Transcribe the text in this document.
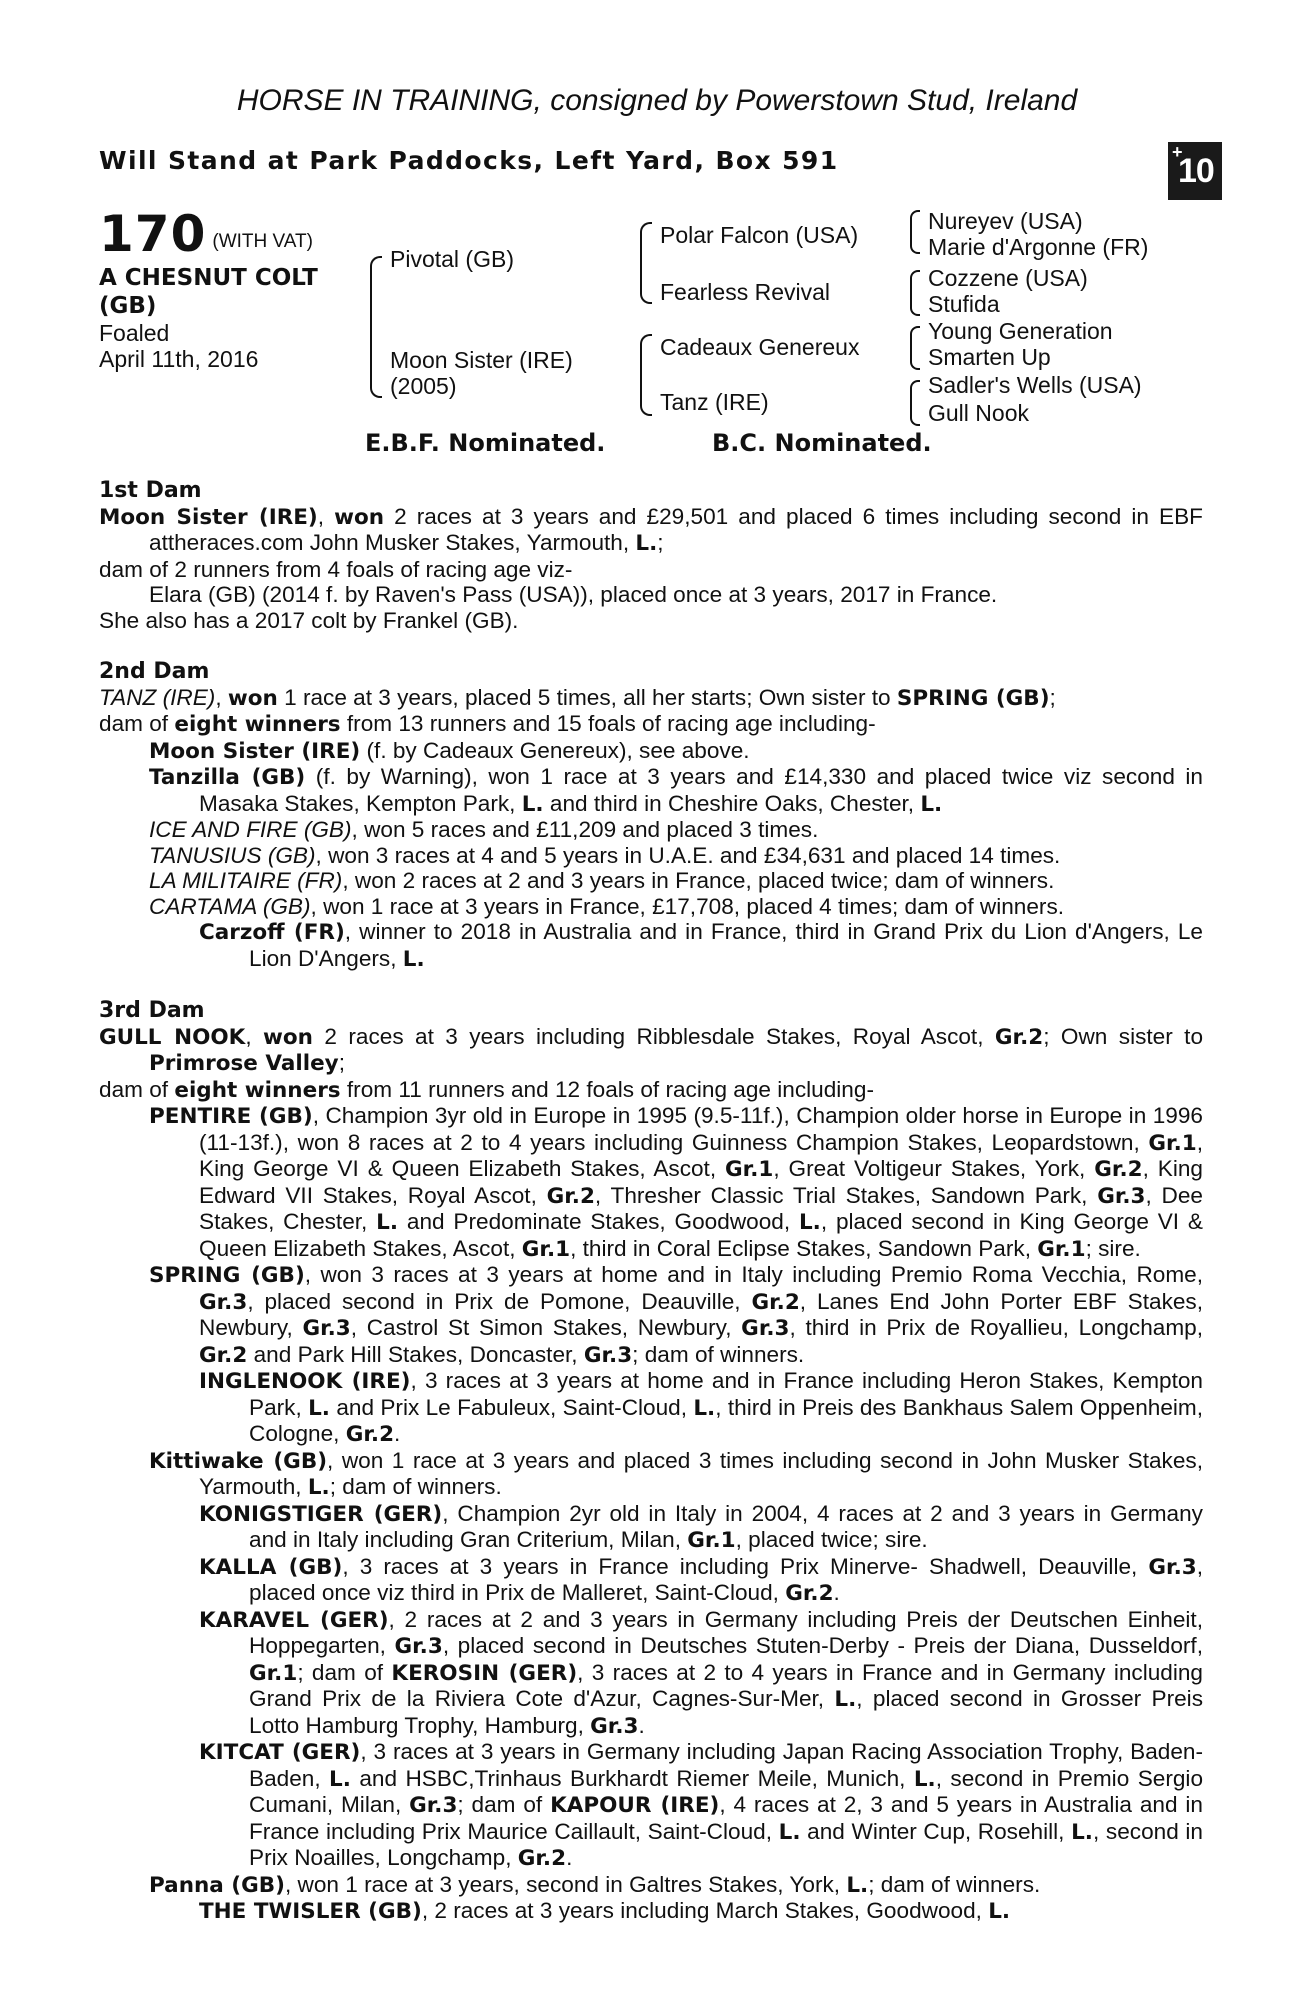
HORSE IN TRAINING, consigned by Powerstown Stud, Ireland
Will Stand at Park Paddocks, Left Yard, Box 591	+
10
170 (WITH VAT)
A CHESNUT COLT
(GB)
Foaled
April 11th, 2016
Pivotal (GB)
Moon Sister (IRE)
(2005)
Polar Falcon (USA)
Fearless Revival
Cadeaux Genereux
Tanz (IRE)
Nureyev (USA)
Marie d'Argonne (FR)
Cozzene (USA)
Stufida
Young Generation
Smarten Up
Sadler's Wells (USA)
Gull Nook
E.B.F. Nominated.	B.C. Nominated.

1st Dam

Moon Sister (IRE), won 2 races at 3 years and £29,501 and placed 6 times including second in EBF attheraces.com John Musker Stakes, Yarmouth, L.;

dam of 2 runners from 4 foals of racing age viz-

Elara (GB) (2014 f. by Raven's Pass (USA)), placed once at 3 years, 2017 in France.

She also has a 2017 colt by Frankel (GB).

2nd Dam

TANZ (IRE), won 1 race at 3 years, placed 5 times, all her starts; Own sister to SPRING (GB);

dam of eight winners from 13 runners and 15 foals of racing age including-

Moon Sister (IRE) (f. by Cadeaux Genereux), see above.

Tanzilla (GB) (f. by Warning), won 1 race at 3 years and £14,330 and placed twice viz second in Masaka Stakes, Kempton Park, L. and third in Cheshire Oaks, Chester, L.

ICE AND FIRE (GB), won 5 races and £11,209 and placed 3 times.

TANUSIUS (GB), won 3 races at 4 and 5 years in U.A.E. and £34,631 and placed 14 times.

LA MILITAIRE (FR), won 2 races at 2 and 3 years in France, placed twice; dam of winners.

CARTAMA (GB), won 1 race at 3 years in France, £17,708, placed 4 times; dam of winners.

Carzoff (FR), winner to 2018 in Australia and in France, third in Grand Prix du Lion d'Angers, Le Lion D'Angers, L.

3rd Dam

GULL NOOK, won 2 races at 3 years including Ribblesdale Stakes, Royal Ascot, Gr.2; Own sister to Primrose Valley;

dam of eight winners from 11 runners and 12 foals of racing age including-

PENTIRE (GB), Champion 3yr old in Europe in 1995 (9.5-11f.), Champion older horse in Europe in 1996 (11-13f.), won 8 races at 2 to 4 years including Guinness Champion Stakes, Leopardstown, Gr.1, King George VI & Queen Elizabeth Stakes, Ascot, Gr.1, Great Voltigeur Stakes, York, Gr.2, King Edward VII Stakes, Royal Ascot, Gr.2, Thresher Classic Trial Stakes, Sandown Park, Gr.3, Dee Stakes, Chester, L. and Predominate Stakes, Goodwood, L., placed second in King George VI & Queen Elizabeth Stakes, Ascot, Gr.1, third in Coral Eclipse Stakes, Sandown Park, Gr.1; sire.

SPRING (GB), won 3 races at 3 years at home and in Italy including Premio Roma Vecchia, Rome, Gr.3, placed second in Prix de Pomone, Deauville, Gr.2, Lanes End John Porter EBF Stakes, Newbury, Gr.3, Castrol St Simon Stakes, Newbury, Gr.3, third in Prix de Royallieu, Longchamp, Gr.2 and Park Hill Stakes, Doncaster, Gr.3; dam of winners.

INGLENOOK (IRE), 3 races at 3 years at home and in France including Heron Stakes, Kempton Park, L. and Prix Le Fabuleux, Saint-Cloud, L., third in Preis des Bankhaus Salem Oppenheim, Cologne, Gr.2.

Kittiwake (GB), won 1 race at 3 years and placed 3 times including second in John Musker Stakes, Yarmouth, L.; dam of winners.

KONIGSTIGER (GER), Champion 2yr old in Italy in 2004, 4 races at 2 and 3 years in Germany and in Italy including Gran Criterium, Milan, Gr.1, placed twice; sire.

KALLA (GB), 3 races at 3 years in France including Prix Minerve- Shadwell, Deauville, Gr.3, placed once viz third in Prix de Malleret, Saint-Cloud, Gr.2.

KARAVEL (GER), 2 races at 2 and 3 years in Germany including Preis der Deutschen Einheit, Hoppegarten, Gr.3, placed second in Deutsches Stuten-Derby - Preis der Diana, Dusseldorf, Gr.1; dam of KEROSIN (GER), 3 races at 2 to 4 years in France and in Germany including Grand Prix de la Riviera Cote d'Azur, Cagnes-Sur-Mer, L., placed second in Grosser Preis Lotto Hamburg Trophy, Hamburg, Gr.3.

KITCAT (GER), 3 races at 3 years in Germany including Japan Racing Association Trophy, Baden-Baden, L. and HSBC,Trinhaus Burkhardt Riemer Meile, Munich, L., second in Premio Sergio Cumani, Milan, Gr.3; dam of KAPOUR (IRE), 4 races at 2, 3 and 5 years in Australia and in France including Prix Maurice Caillault, Saint-Cloud, L. and Winter Cup, Rosehill, L., second in Prix Noailles, Longchamp, Gr.2.

Panna (GB), won 1 race at 3 years, second in Galtres Stakes, York, L.; dam of winners.

THE TWISLER (GB), 2 races at 3 years including March Stakes, Goodwood, L.
